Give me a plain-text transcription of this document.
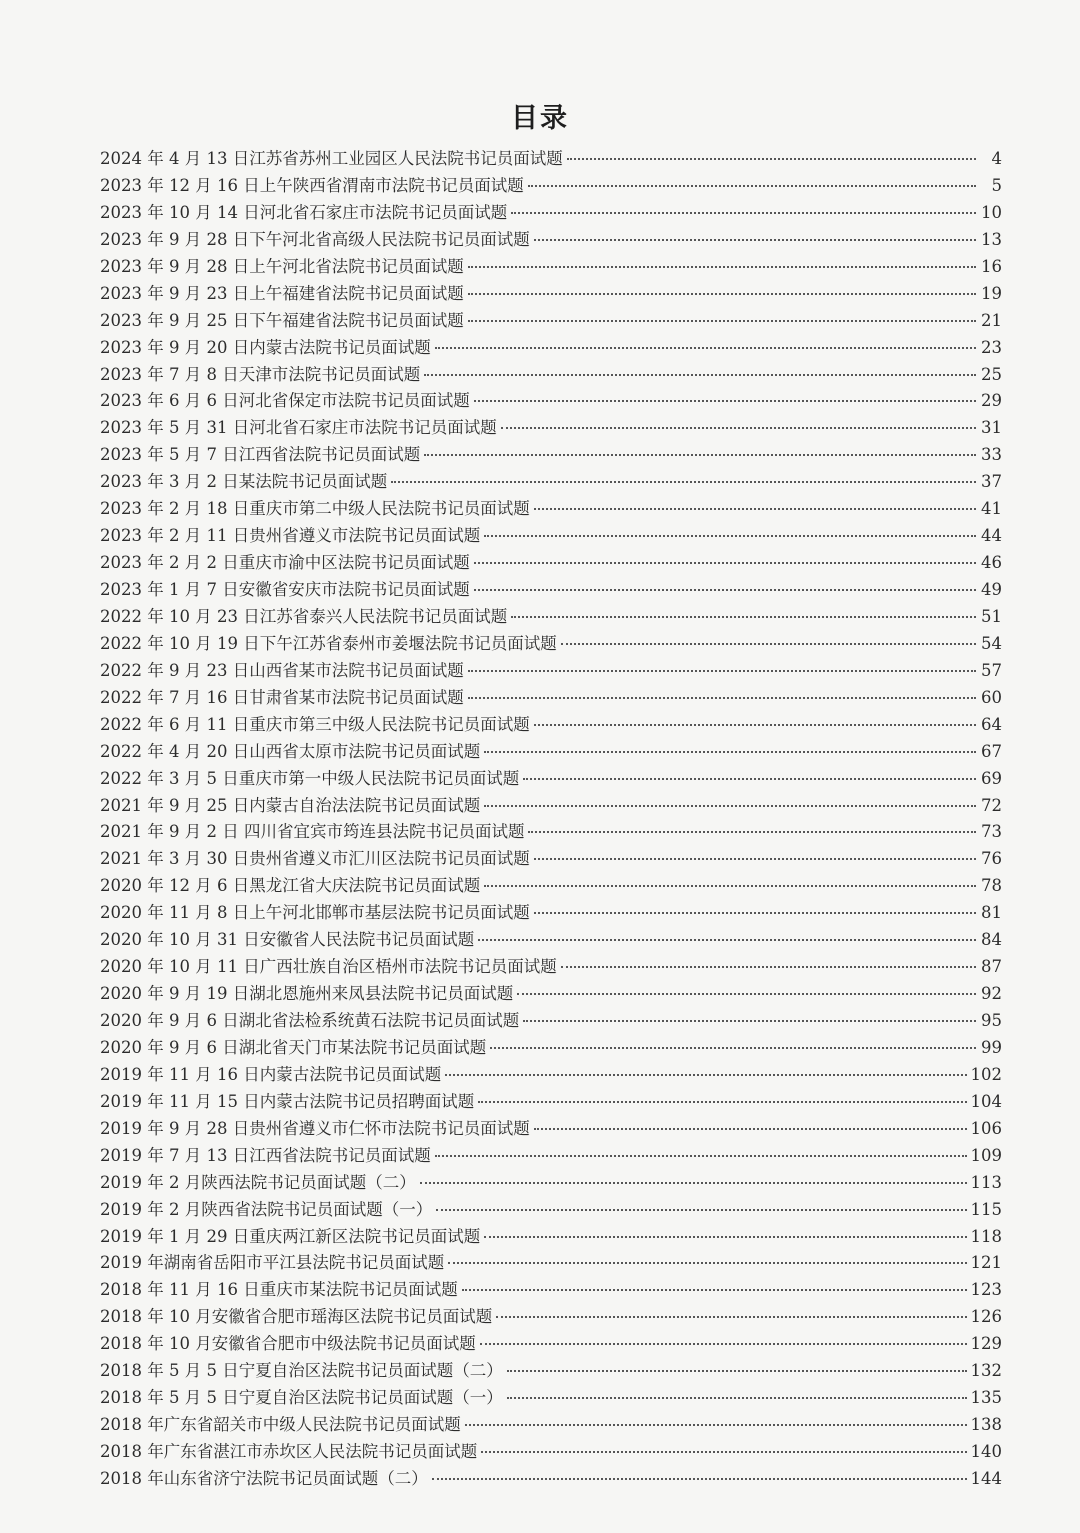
目录
2024 年 4 月 13 日江苏省苏州工业园区人民法院书记员面试题	4
2023 年 12 月 16 日上午陕西省渭南市法院书记员面试题	5
2023 年 10 月 14 日河北省石家庄市法院书记员面试题	10
2023 年 9 月 28 日下午河北省高级人民法院书记员面试题	13
2023 年 9 月 28 日上午河北省法院书记员面试题	16
2023 年 9 月 23 日上午福建省法院书记员面试题	19
2023 年 9 月 25 日下午福建省法院书记员面试题	21
2023 年 9 月 20 日内蒙古法院书记员面试题	23
2023 年 7 月 8 日天津市法院书记员面试题	25
2023 年 6 月 6 日河北省保定市法院书记员面试题	29
2023 年 5 月 31 日河北省石家庄市法院书记员面试题	31
2023 年 5 月 7 日江西省法院书记员面试题	33
2023 年 3 月 2 日某法院书记员面试题	37
2023 年 2 月 18 日重庆市第二中级人民法院书记员面试题	41
2023 年 2 月 11 日贵州省遵义市法院书记员面试题	44
2023 年 2 月 2 日重庆市渝中区法院书记员面试题	46
2023 年 1 月 7 日安徽省安庆市法院书记员面试题	49
2022 年 10 月 23 日江苏省泰兴人民法院书记员面试题	51
2022 年 10 月 19 日下午江苏省泰州市姜堰法院书记员面试题	54
2022 年 9 月 23 日山西省某市法院书记员面试题	57
2022 年 7 月 16 日甘肃省某市法院书记员面试题	60
2022 年 6 月 11 日重庆市第三中级人民法院书记员面试题	64
2022 年 4 月 20 日山西省太原市法院书记员面试题	67
2022 年 3 月 5 日重庆市第一中级人民法院书记员面试题	69
2021 年 9 月 25 日内蒙古自治法法院书记员面试题	72
2021 年 9 月 2 日 四川省宜宾市筠连县法院书记员面试题	73
2021 年 3 月 30 日贵州省遵义市汇川区法院书记员面试题	76
2020 年 12 月 6 日黑龙江省大庆法院书记员面试题	78
2020 年 11 月 8 日上午河北邯郸市基层法院书记员面试题	81
2020 年 10 月 31 日安徽省人民法院书记员面试题	84
2020 年 10 月 11 日广西壮族自治区梧州市法院书记员面试题	87
2020 年 9 月 19 日湖北恩施州来凤县法院书记员面试题	92
2020 年 9 月 6 日湖北省法检系统黄石法院书记员面试题	95
2020 年 9 月 6 日湖北省天门市某法院书记员面试题	99
2019 年 11 月 16 日内蒙古法院书记员面试题	102
2019 年 11 月 15 日内蒙古法院书记员招聘面试题	104
2019 年 9 月 28 日贵州省遵义市仁怀市法院书记员面试题	106
2019 年 7 月 13 日江西省法院书记员面试题	109
2019 年 2 月陕西法院书记员面试题（二）	113
2019 年 2 月陕西省法院书记员面试题（一）	115
2019 年 1 月 29 日重庆两江新区法院书记员面试题	118
2019 年湖南省岳阳市平江县法院书记员面试题	121
2018 年 11 月 16 日重庆市某法院书记员面试题	123
2018 年 10 月安徽省合肥市瑶海区法院书记员面试题	126
2018 年 10 月安徽省合肥市中级法院书记员面试题	129
2018 年 5 月 5 日宁夏自治区法院书记员面试题（二）	132
2018 年 5 月 5 日宁夏自治区法院书记员面试题（一）	135
2018 年广东省韶关市中级人民法院书记员面试题	138
2018 年广东省湛江市赤坎区人民法院书记员面试题	140
2018 年山东省济宁法院书记员面试题（二）	144
